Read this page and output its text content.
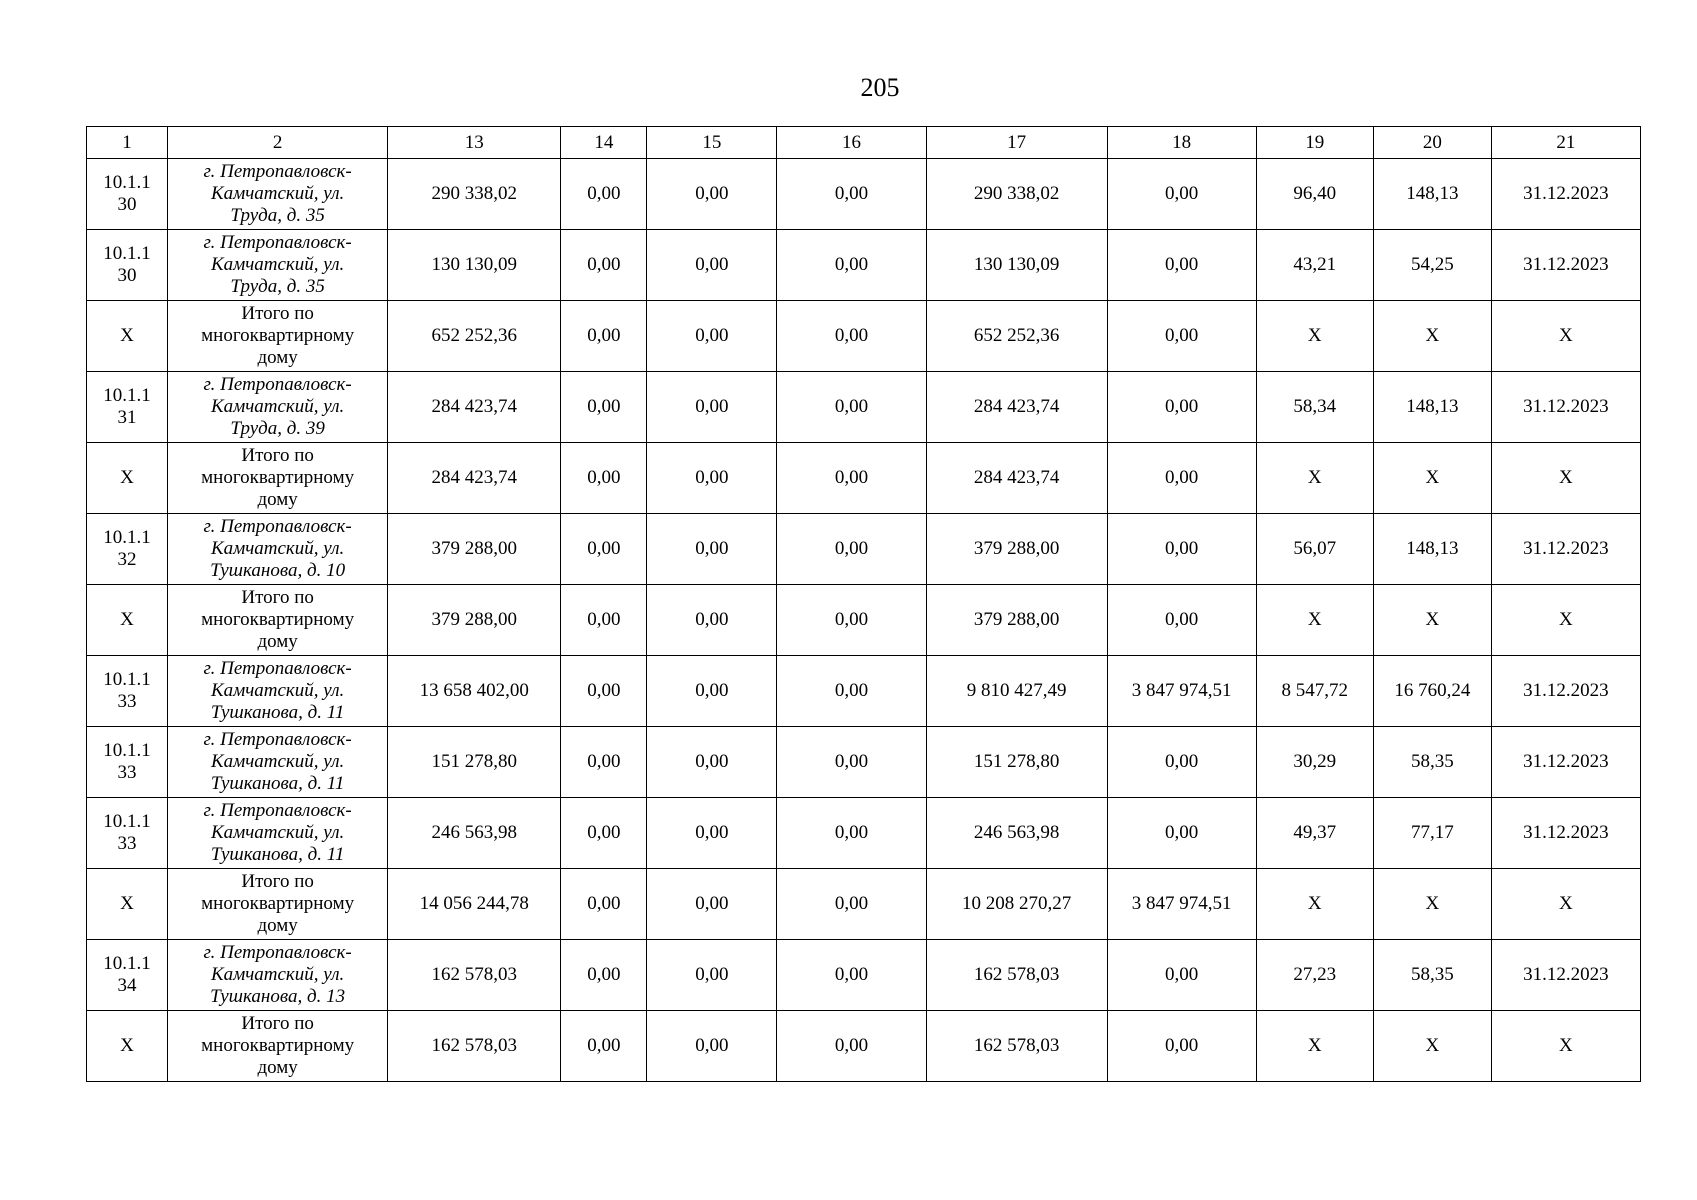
205
1	2	13	14	15	16	17	18	19	20	21

10.1.1
30	г. Петропавловск-
Камчатский, ул.
Труда, д. 35	290 338,02	0,00	0,00	0,00	290 338,02	0,00	96,40	148,13	31.12.2023

10.1.1
30	г. Петропавловск-
Камчатский, ул.
Труда, д. 35	130 130,09	0,00	0,00	0,00	130 130,09	0,00	43,21	54,25	31.12.2023

X	Итого по
многоквартирному
дому	652 252,36	0,00	0,00	0,00	652 252,36	0,00	X	X	X

10.1.1
31	г. Петропавловск-
Камчатский, ул.
Труда, д. 39	284 423,74	0,00	0,00	0,00	284 423,74	0,00	58,34	148,13	31.12.2023

X	Итого по
многоквартирному
дому	284 423,74	0,00	0,00	0,00	284 423,74	0,00	X	X	X

10.1.1
32	г. Петропавловск-
Камчатский, ул.
Тушканова, д. 10	379 288,00	0,00	0,00	0,00	379 288,00	0,00	56,07	148,13	31.12.2023

X	Итого по
многоквартирному
дому	379 288,00	0,00	0,00	0,00	379 288,00	0,00	X	X	X

10.1.1
33	г. Петропавловск-
Камчатский, ул.
Тушканова, д. 11	13 658 402,00	0,00	0,00	0,00	9 810 427,49	3 847 974,51	8 547,72	16 760,24	31.12.2023

10.1.1
33	г. Петропавловск-
Камчатский, ул.
Тушканова, д. 11	151 278,80	0,00	0,00	0,00	151 278,80	0,00	30,29	58,35	31.12.2023

10.1.1
33	г. Петропавловск-
Камчатский, ул.
Тушканова, д. 11	246 563,98	0,00	0,00	0,00	246 563,98	0,00	49,37	77,17	31.12.2023

X	Итого по
многоквартирному
дому	14 056 244,78	0,00	0,00	0,00	10 208 270,27	3 847 974,51	X	X	X

10.1.1
34	г. Петропавловск-
Камчатский, ул.
Тушканова, д. 13	162 578,03	0,00	0,00	0,00	162 578,03	0,00	27,23	58,35	31.12.2023

X	Итого по
многоквартирному
дому	162 578,03	0,00	0,00	0,00	162 578,03	0,00	X	X	X
